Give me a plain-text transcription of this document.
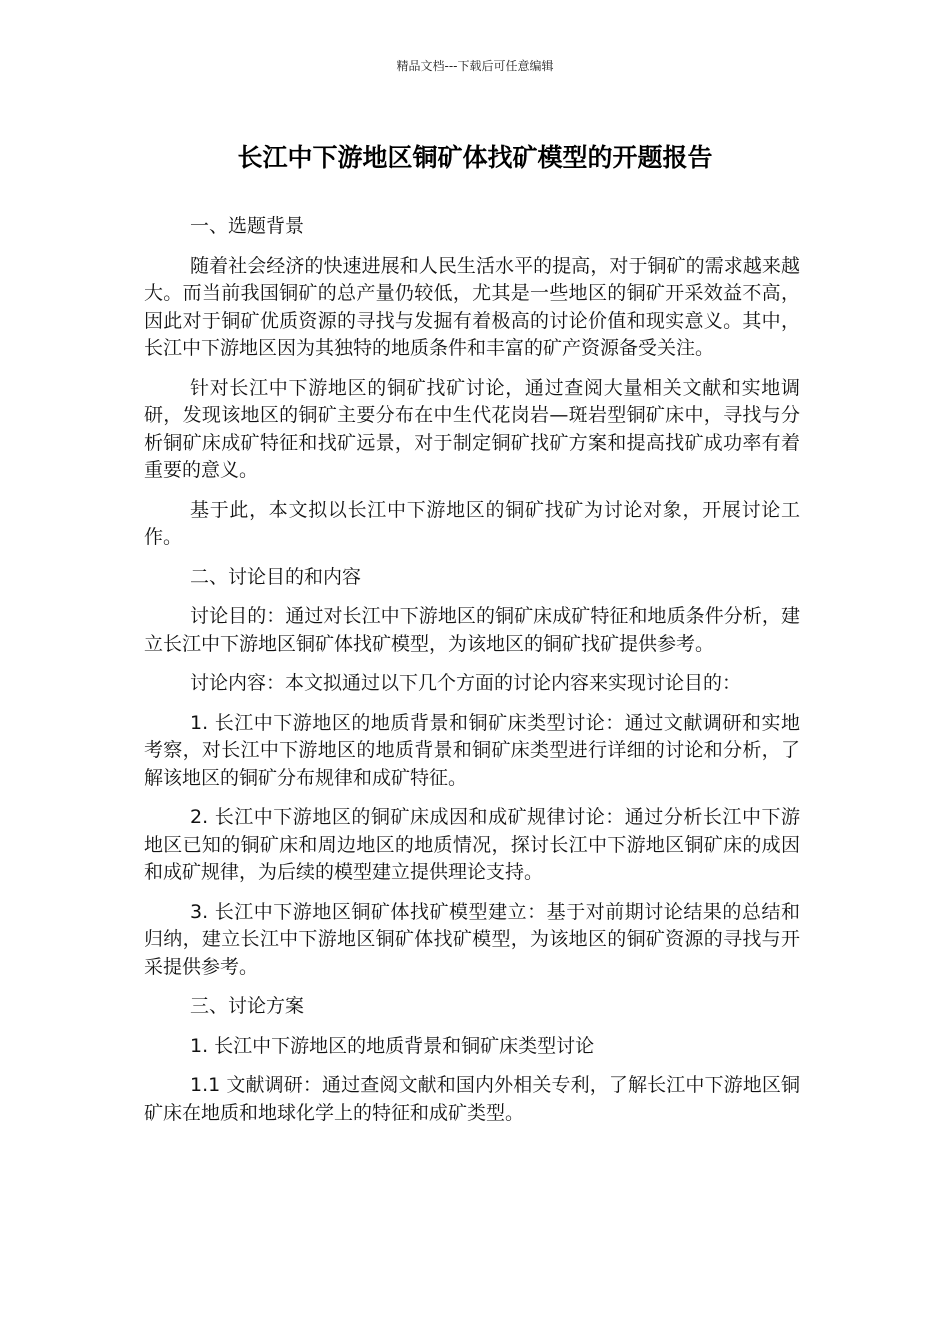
精品文档---下载后可任意编辑
长江中下游地区铜矿体找矿模型的开题报告

一、选题背景

随着社会经济的快速进展和人民生活水平的提高，对于铜矿的需求越来越大。而当前我国铜矿的总产量仍较低，尤其是一些地区的铜矿开采效益不高，因此对于铜矿优质资源的寻找与发掘有着极高的讨论价值和现实意义。其中，长江中下游地区因为其独特的地质条件和丰富的矿产资源备受关注。

针对长江中下游地区的铜矿找矿讨论，通过查阅大量相关文献和实地调研，发现该地区的铜矿主要分布在中生代花岗岩—斑岩型铜矿床中，寻找与分析铜矿床成矿特征和找矿远景，对于制定铜矿找矿方案和提高找矿成功率有着重要的意义。

基于此，本文拟以长江中下游地区的铜矿找矿为讨论对象，开展讨论工作。

二、讨论目的和内容

讨论目的：通过对长江中下游地区的铜矿床成矿特征和地质条件分析，建立长江中下游地区铜矿体找矿模型，为该地区的铜矿找矿提供参考。

讨论内容：本文拟通过以下几个方面的讨论内容来实现讨论目的：

1. 长江中下游地区的地质背景和铜矿床类型讨论：通过文献调研和实地考察，对长江中下游地区的地质背景和铜矿床类型进行详细的讨论和分析，了解该地区的铜矿分布规律和成矿特征。

2. 长江中下游地区的铜矿床成因和成矿规律讨论：通过分析长江中下游地区已知的铜矿床和周边地区的地质情况，探讨长江中下游地区铜矿床的成因和成矿规律，为后续的模型建立提供理论支持。

3. 长江中下游地区铜矿体找矿模型建立：基于对前期讨论结果的总结和归纳，建立长江中下游地区铜矿体找矿模型，为该地区的铜矿资源的寻找与开采提供参考。

三、讨论方案

1. 长江中下游地区的地质背景和铜矿床类型讨论

1.1 文献调研：通过查阅文献和国内外相关专利，了解长江中下游地区铜矿床在地质和地球化学上的特征和成矿类型。
